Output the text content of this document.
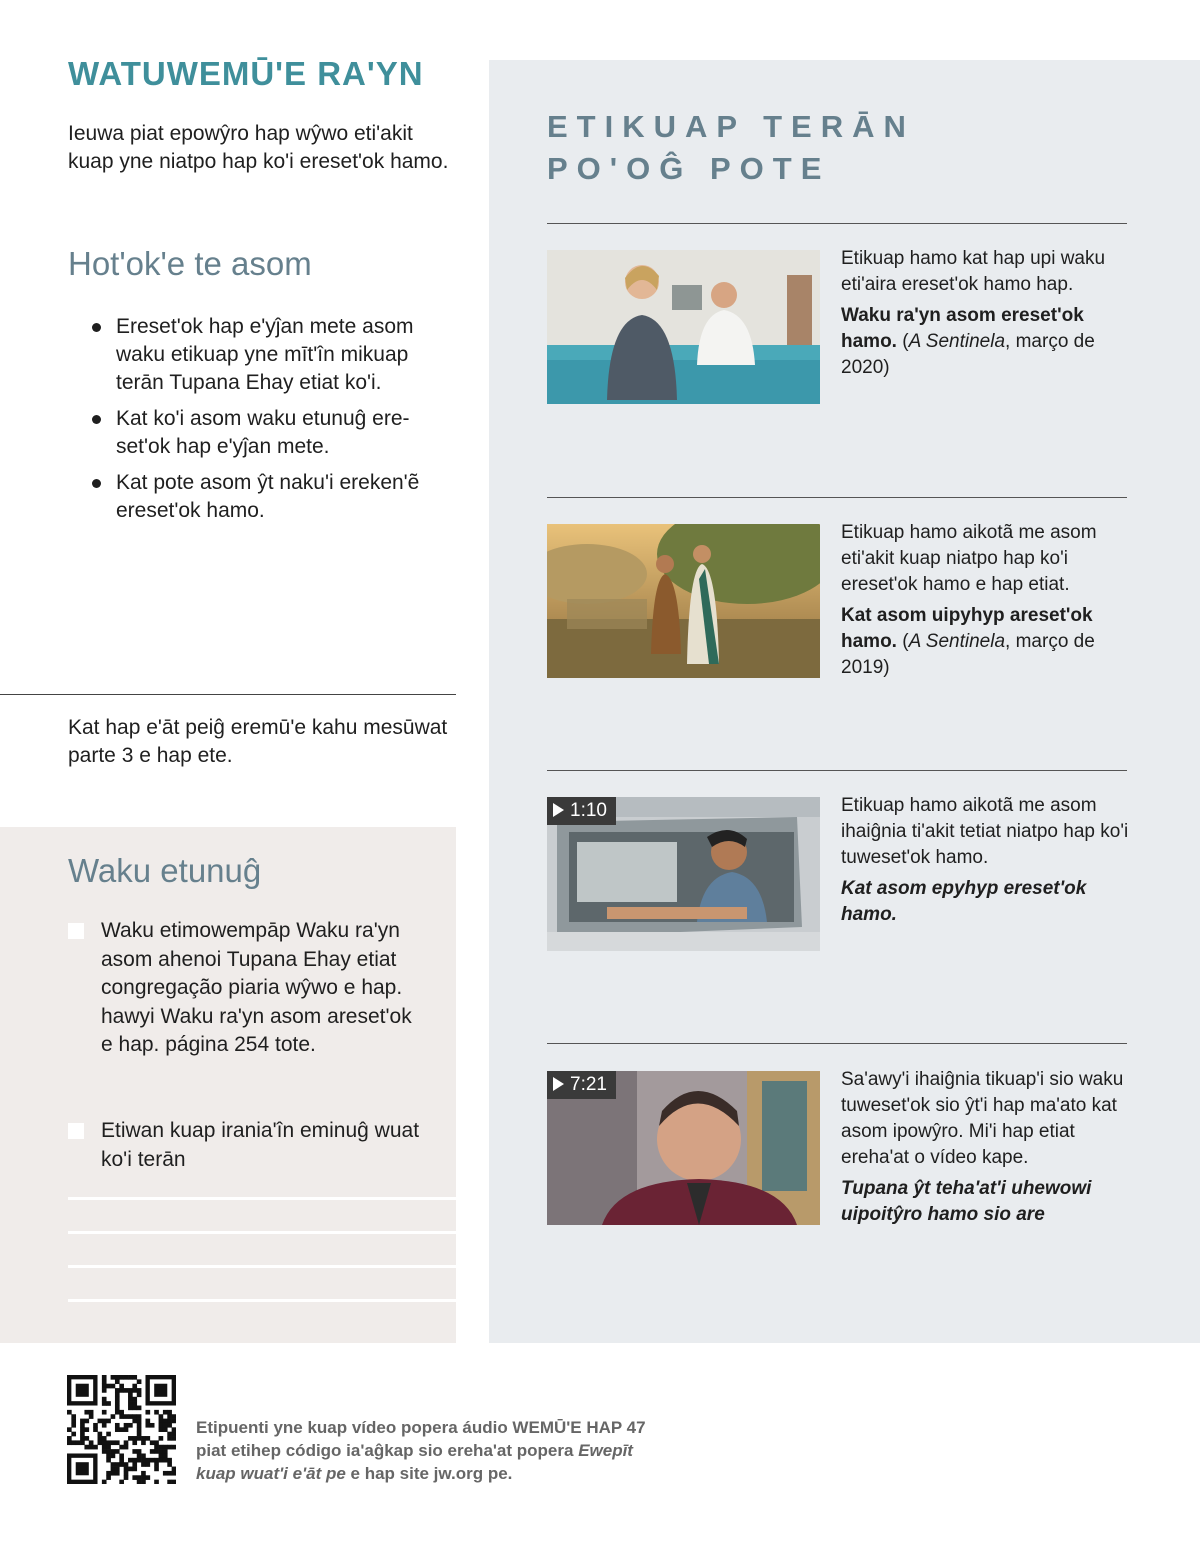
WATUWEMŪ'E RA'YN

Ieuwa piat epowŷro hap wŷwo eti'akit kuap yne niatpo hap ko'i ereset'ok hamo.

Hot'ok'e te asom
Ereset'ok hap e'yĵan mete asom waku etikuap yne mīt'în mikuap terān Tupana Ehay etiat ko'i.
Kat ko'i asom waku etunuĝ ere-set'ok hap e'yĵan mete.
Kat pote asom ŷt naku'i ereken'ẽ ereset'ok hamo.

Kat hap e'āt peiĝ eremū'e kahu mesūwat parte 3 e hap ete.

Waku etunuĝ
Waku etimowempāp Waku ra'yn asom ahenoi Tupana Ehay etiat congregação piaria wŷwo e hap. hawyi Waku ra'yn asom areset'ok e hap. página 254 tote.
Etiwan kuap irania'în eminuĝ wuat ko'i terān
ETIKUAP TERĀN
PO'OĜ POTE

Etikuap hamo kat hap upi waku eti'aira ereset'ok hamo hap.

Waku ra'yn asom ereset'ok hamo. (A Sentinela, março de 2020)

Etikuap hamo aikotã me asom eti'akit kuap niatpo hap ko'i ereset'ok hamo e hap etiat.

Kat asom uipyhyp areset'ok hamo. (A Sentinela, março de 2019)

1:10	Etikuap hamo aikotã me asom ihaiĝnia ti'akit tetiat niatpo hap ko'i tuweset'ok hamo.

Kat asom epyhyp ereset'ok hamo.

7:21	Sa'awy'i ihaiĝnia tikuap'i sio waku tuweset'ok sio ŷt'i hap ma'ato kat asom ipowŷro. Mi'i hap etiat ereha'at o vídeo kape.

Tupana ŷt teha'at'i uhewowi uipoitŷro hamo sio are

Etipuenti yne kuap vídeo popera áudio WEMŪ'E HAP 47
piat etihep código ia'aĝkap sio ereha'at popera Ewepīt
kuap wuat'i e'āt pe e hap site jw.org pe.
